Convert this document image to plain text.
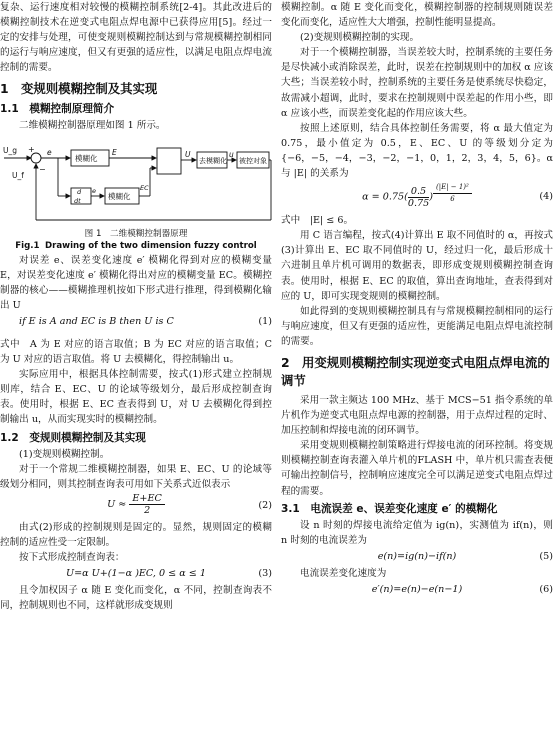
复杂、运行速度相对较慢的模糊控制系统[2-4]。其此改进后的模糊控制技术在逆变式电阻点焊电源中已获得应用[5]。经过一定的安排与处理，可使变规则模糊控制达到与常规模糊控制相同的运行与响应速度，但又有更强的适应性，以满足电阻点焊电流控制的需要。

1　变规则模糊控制及其实现
1.1　模糊控制原理简介

二维模糊控制器原理如图 1 所示。

U_g
U_f
+
−
e
模糊化
d
dt
e
模糊化
E
EC
U
去模糊化
u
被控对象
图 1　二维模糊控制器原理
Fig.1 Drawing of the two dimension fuzzy control

对误差 e、误差变化速度 e′ 模糊化得到对应的模糊变量 E，对误差变化速度 e′ 模糊化得出对应的模糊变量 EC。模糊控制器的核心——模糊推理机按如下形式进行推理，得到模糊化输出 U

if E is A and EC is B then U is C	(1)

式中　A 为 E 对应的语言取值；B 为 EC 对应的语言取值；C 为 U 对应的语言取值。将 U 去模糊化，得控制输出 u。

实际应用中，根据具体控制需要，按式(1)形式建立控制规则库，结合 E、EC、U 的论域等级划分，最后形成控制查询表。使用时，根据 E、EC 查表得到 U，对 U 去模糊化得到控制输出 u，从而实现实时的模糊控制。

1.2　变规则模糊控制及其实现

(1)变规则模糊控制。

对于一个常规二维模糊控制器，如果 E、EC、U 的论域等级划分相同，则其控制查询表可用如下关系式近似表示

$U \approx \frac{E+EC}{2}$	(2)

由式(2)形成的控制规则是固定的。显然，规则固定的模糊控制的适应性受一定限制。

按下式形成控制查询表：

U=α U+(1−α )EC, 0 ≤ α ≤ 1	(3)

且令加权因子 α 随 E 变化而变化，α 不同，控制查询表不同，控制规则也不同，这样就形成变规则

模糊控制。α 随 E 变化而变化，模糊控制器的控制规则随误差变化而变化，适应性大大增强，控制性能明显提高。

(2)变规则模糊控制的实现。

对于一个模糊控制器，当误差较大时，控制系统的主要任务是尽快减小或消除误差，此时，误差在控制规则中的加权 α 应该大些；当误差较小时，控制系统的主要任务是使系统尽快稳定，故需减小超调，此时，要求在控制规则中误差起的作用小些，即 α 应该小些，而误差变化起的作用应该大些。

按照上述原则，结合具体控制任务需要，将 α 最大值定为 0.75，最小值定为 0.5，E、EC、U 的等级划分定为{−6，−5，−4，−3，−2，−1，0，1，2，3，4，5，6}。α 与 |E| 的关系为

$\alpha = 0.75( \frac{0.5}{0.75}$ ) $^{\frac{\text{(|E| − 1)²}}{6}}$	(4)

式中　|E| ≤ 6。

用 C 语言编程，按式(4)计算出 E 取不同值时的 α，再按式(3)计算出 E、EC 取不同值时的 U，经过归一化，最后形成十六进制且单片机可调用的数据表，即形成变规则模糊控制查询表。使用时，根据 E、EC 的取值，算出查询地址，查表得到对应的 U，即可实现变规则的模糊控制。

如此得到的变规则模糊控制具有与常规模糊控制相同的运行与响应速度，但又有更强的适应性，更能满足电阻点焊电流控制的需要。

2　用变规则模糊控制实现逆变式电阻点焊电流的调节

采用一款主频达 100 MHz、基于 MCS−51 指令系统的单片机作为逆变式电阻点焊电源的控制器，用于点焊过程的定时、加压控制和焊接电流的闭环调节。

采用变规则模糊控制策略进行焊接电流的闭环控制。将变规则模糊控制查询表灌入单片机的FLASH 中，单片机只需查表便可输出控制信号，控制响应速度完全可以满足逆变式电阻点焊过程的需要。

3.1　电流误差 e、误差变化速度 e′ 的模糊化

设 n 时刻的焊接电流给定值为 ig(n)，实测值为 if(n)，则 n 时刻的电流误差为

e(n)=ig(n)−if(n)	(5)

电流误差变化速度为

e′(n)=e(n)−e(n−1)	(6)
